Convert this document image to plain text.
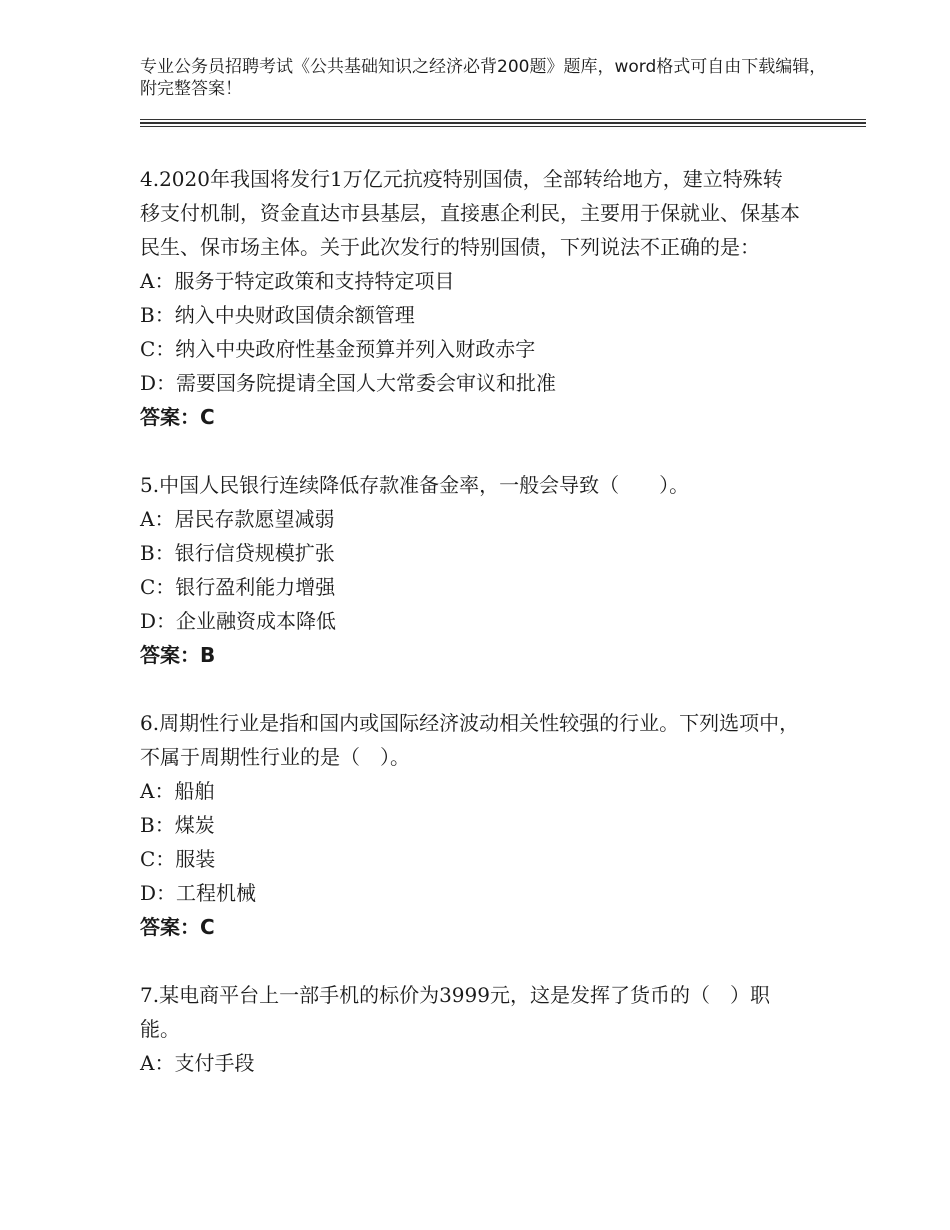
专业公务员招聘考试《公共基础知识之经济必背200题》题库，word格式可自由下载编辑，附完整答案！

4.2020年我国将发行1万亿元抗疫特别国债，全部转给地方，建立特殊转移支付机制，资金直达市县基层，直接惠企利民，主要用于保就业、保基本民生、保市场主体。关于此次发行的特别国债，下列说法不正确的是：

A：服务于特定政策和支持特定项目

B：纳入中央财政国债余额管理

C：纳入中央政府性基金预算并列入财政赤字

D：需要国务院提请全国人大常委会审议和批准

答案：C

5.中国人民银行连续降低存款准备金率，一般会导致（　　）。

A：居民存款愿望减弱

B：银行信贷规模扩张

C：银行盈利能力增强

D：企业融资成本降低

答案：B

6.周期性行业是指和国内或国际经济波动相关性较强的行业。下列选项中，不属于周期性行业的是（　）。

A：船舶

B：煤炭

C：服装

D：工程机械

答案：C

7.某电商平台上一部手机的标价为3999元，这是发挥了货币的（　）职能。

A：支付手段
